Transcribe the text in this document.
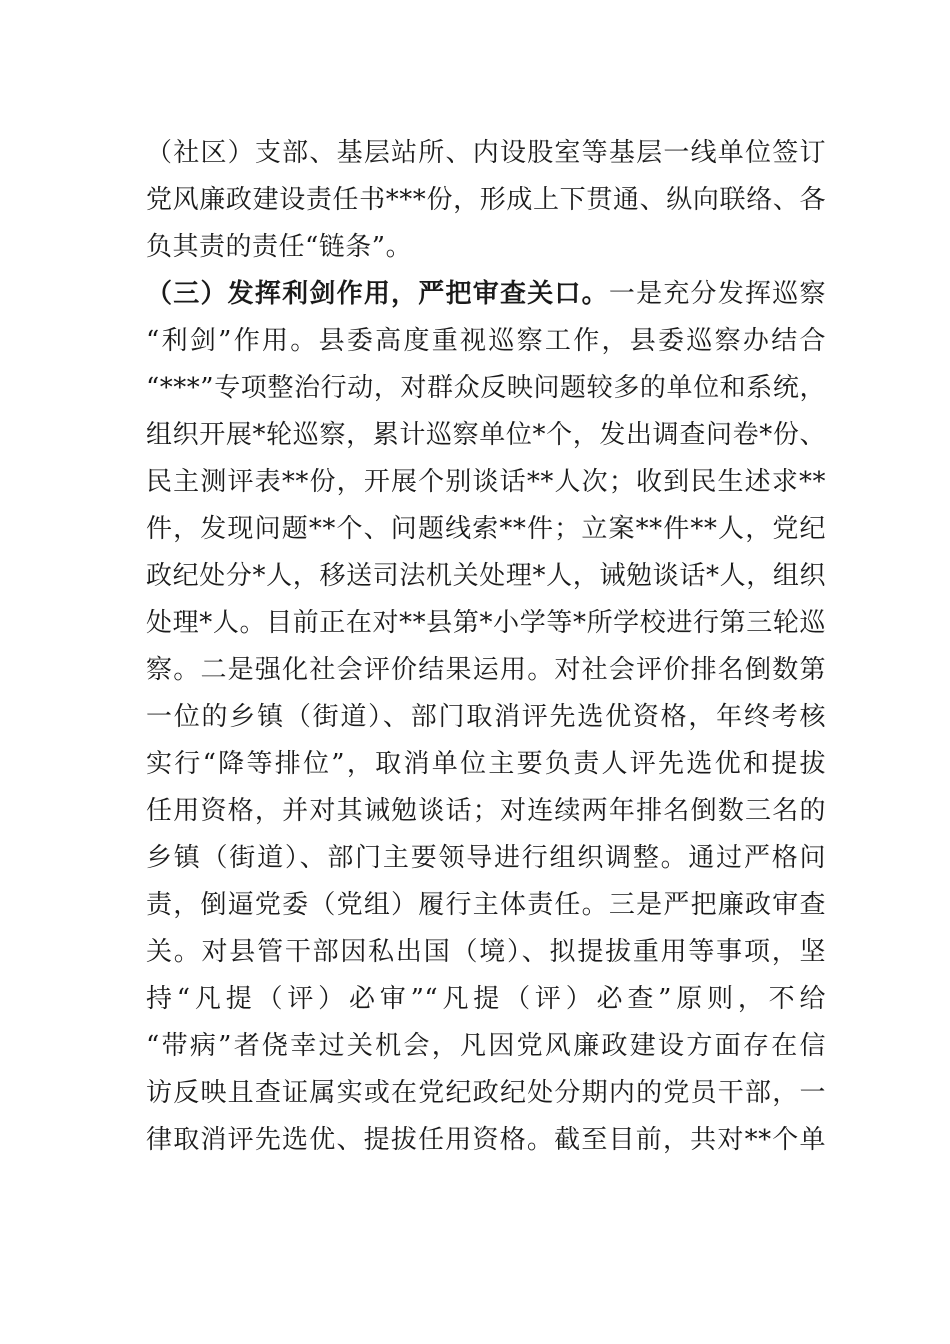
（社区）支部、基层站所、内设股室等基层一线单位签订
党风廉政建设责任书***份，形成上下贯通、纵向联络、各
负其责的责任“链条”。
（三）发挥利剑作用，严把审查关口。一是充分发挥巡察
“利剑”作用。县委高度重视巡察工作，县委巡察办结合
“***”专项整治行动，对群众反映问题较多的单位和系统，
组织开展*轮巡察，累计巡察单位*个，发出调查问卷*份、
民主测评表**份，开展个别谈话**人次；收到民生述求**
件，发现问题**个、问题线索**件；立案**件**人，党纪
政纪处分*人，移送司法机关处理*人，诫勉谈话*人，组织
处理*人。目前正在对**县第*小学等*所学校进行第三轮巡
察。二是强化社会评价结果运用。对社会评价排名倒数第
一位的乡镇（街道）、部门取消评先选优资格，年终考核
实行“降等排位”，取消单位主要负责人评先选优和提拔
任用资格，并对其诫勉谈话；对连续两年排名倒数三名的
乡镇（街道）、部门主要领导进行组织调整。通过严格问
责，倒逼党委（党组）履行主体责任。三是严把廉政审查
关。对县管干部因私出国（境）、拟提拔重用等事项，坚
持“凡提（评）必审”“凡提（评）必查”原则，不给
“带病”者侥幸过关机会，凡因党风廉政建设方面存在信
访反映且查证属实或在党纪政纪处分期内的党员干部，一
律取消评先选优、提拔任用资格。截至目前，共对**个单
